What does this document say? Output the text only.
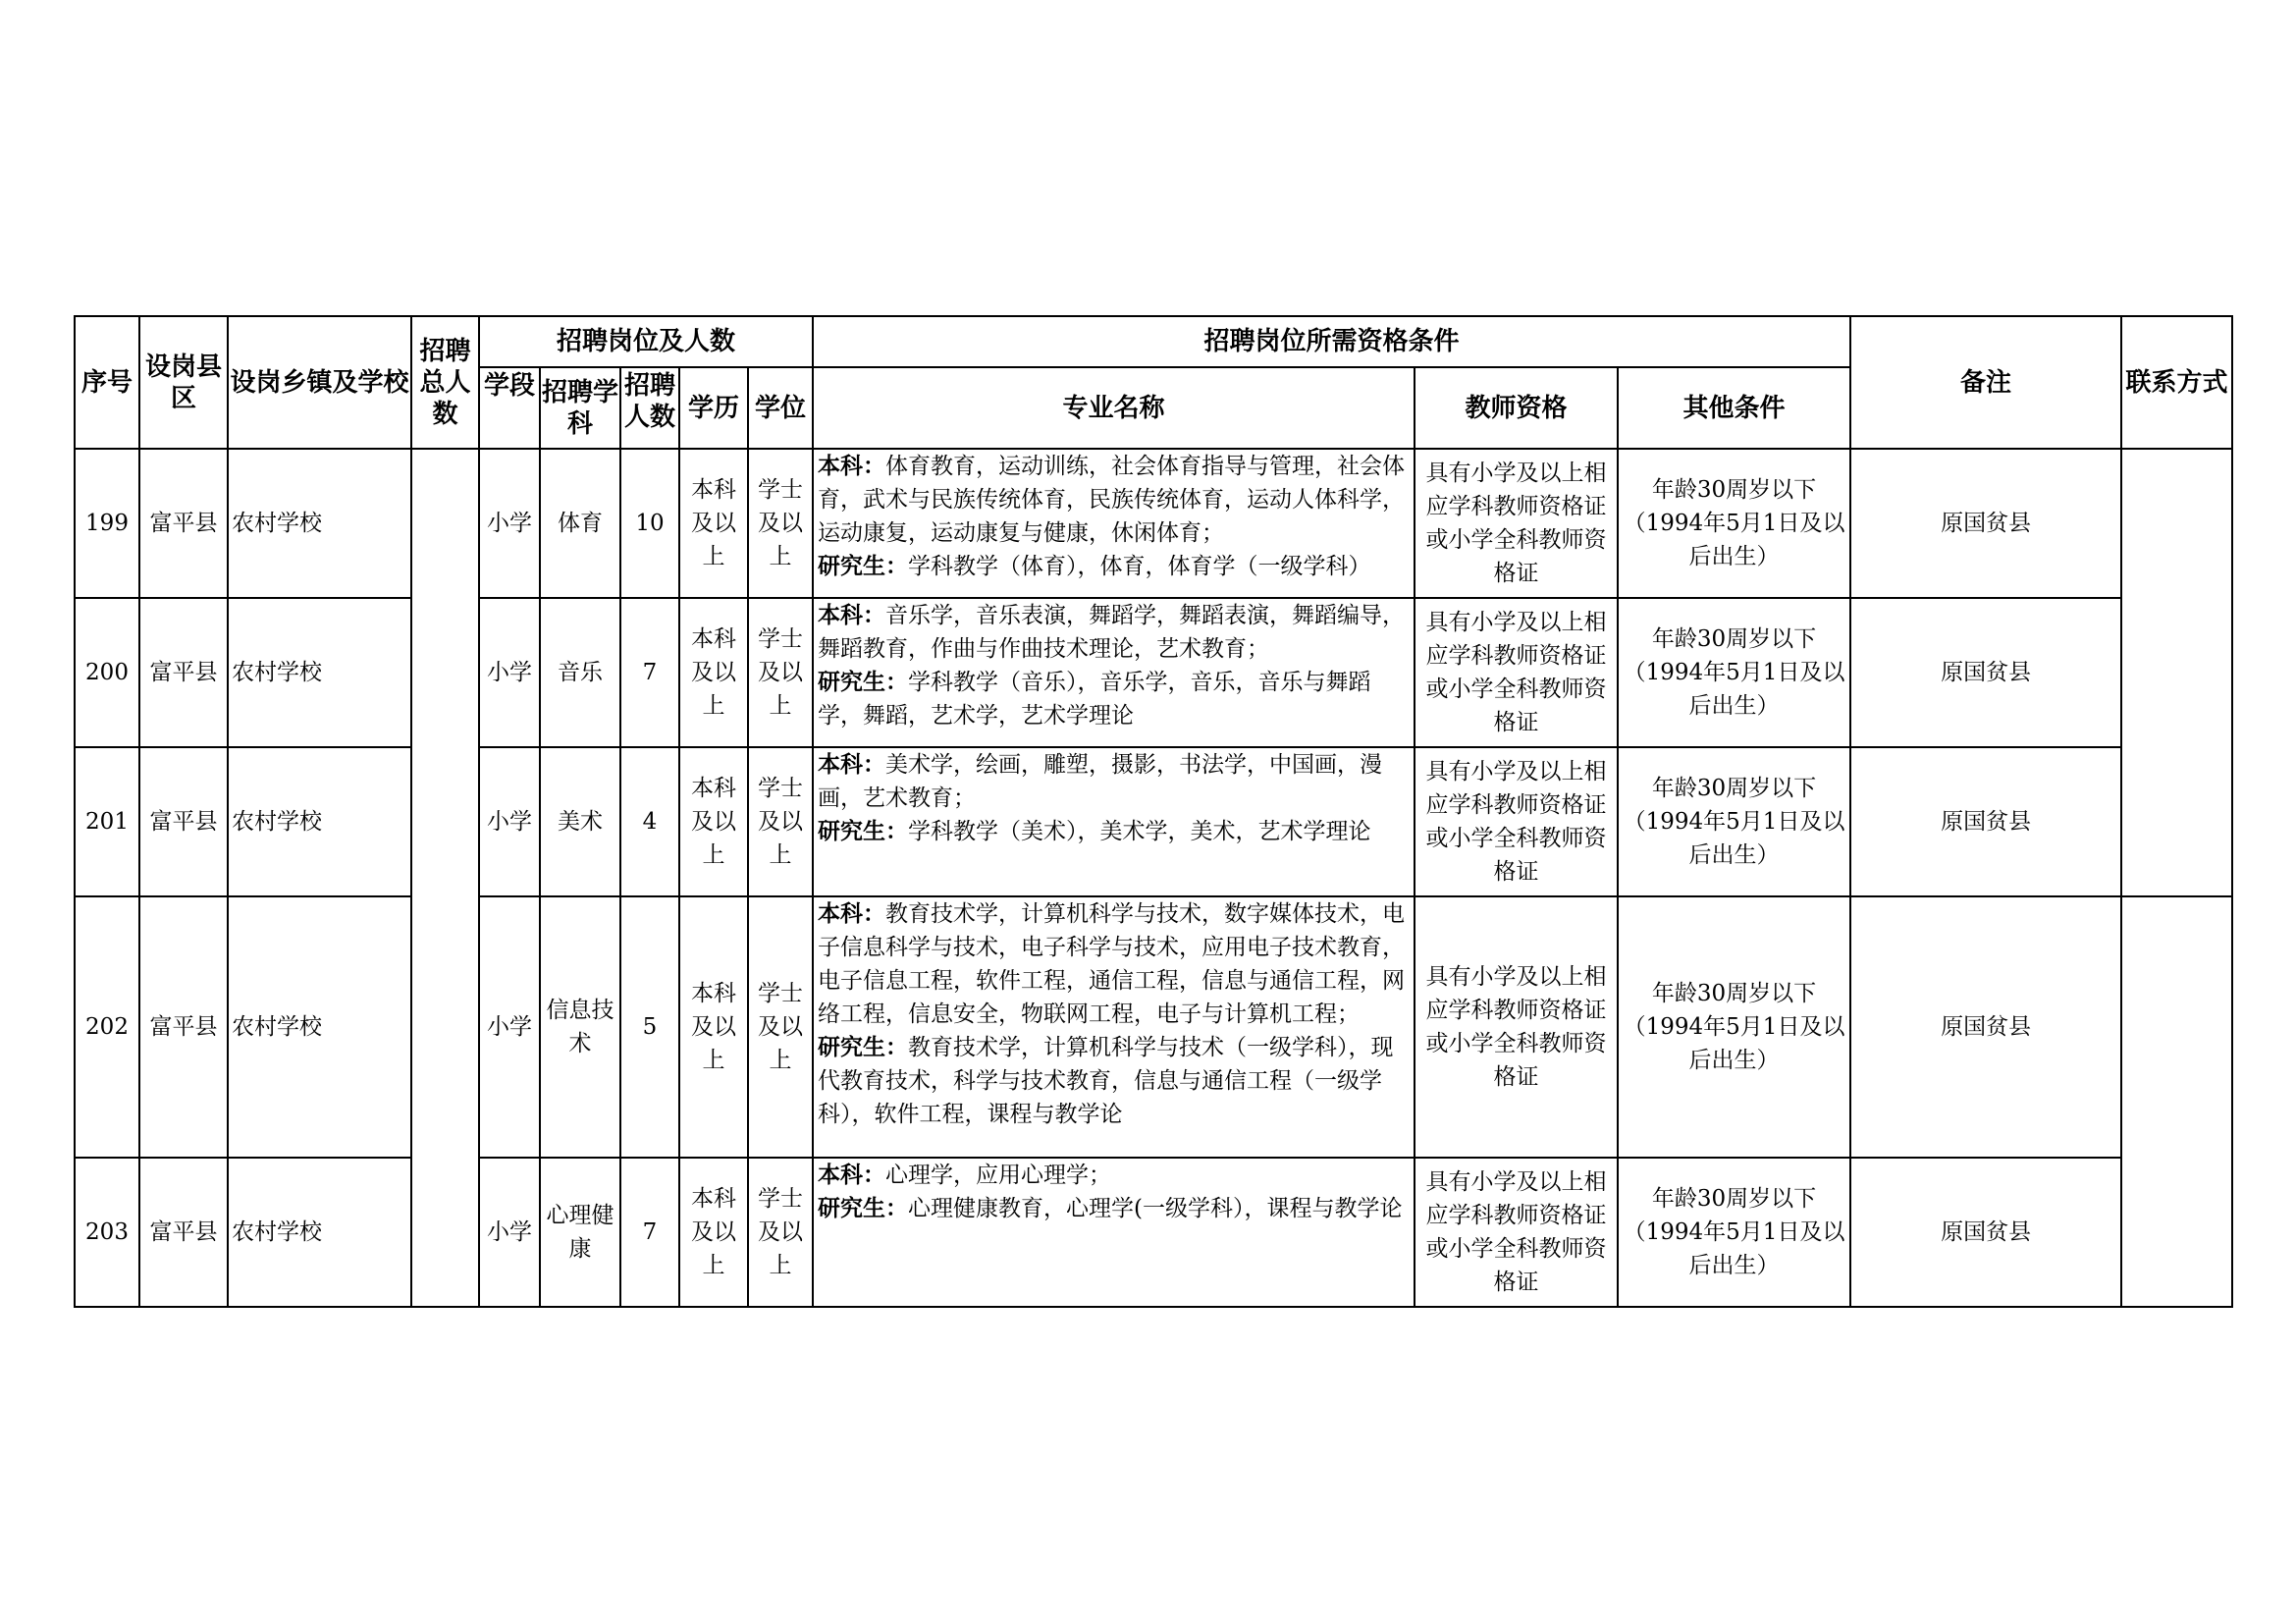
序号	设岗县区	设岗乡镇及学校	招聘总人数	招聘岗位及人数					招聘岗位所需资格条件			备注	联系方式

				学段	招聘学科	招聘人数	学历	学位	专业名称	教师资格	其他条件		
199	富平县	农村学校		小学	体育	10	本科及以上	学士及以上	本科：体育教育，运动训练，社会体育指导与管理，社会体育，武术与民族传统体育，民族传统体育，运动人体科学，运动康复，运动康复与健康，休闲体育；
研究生：学科教学（体育），体育，体育学（一级学科）	具有小学及以上相应学科教师资格证或小学全科教师资格证	年龄30周岁以下（1994年5月1日及以后出生）	原国贫县	
200	富平县	农村学校		小学	音乐	7	本科及以上	学士及以上	本科：音乐学，音乐表演，舞蹈学，舞蹈表演，舞蹈编导，舞蹈教育，作曲与作曲技术理论，艺术教育；
研究生：学科教学（音乐），音乐学，音乐，音乐与舞蹈学，舞蹈，艺术学，艺术学理论	具有小学及以上相应学科教师资格证或小学全科教师资格证	年龄30周岁以下（1994年5月1日及以后出生）	原国贫县	
201	富平县	农村学校		小学	美术	4	本科及以上	学士及以上	本科：美术学，绘画，雕塑，摄影，书法学，中国画，漫画，艺术教育；
研究生：学科教学（美术），美术学，美术，艺术学理论	具有小学及以上相应学科教师资格证或小学全科教师资格证	年龄30周岁以下（1994年5月1日及以后出生）	原国贫县	
202	富平县	农村学校		小学	信息技术	5	本科及以上	学士及以上	本科：教育技术学，计算机科学与技术，数字媒体技术，电子信息科学与技术，电子科学与技术，应用电子技术教育，电子信息工程，软件工程，通信工程，信息与通信工程，网络工程，信息安全，物联网工程，电子与计算机工程；
研究生：教育技术学，计算机科学与技术（一级学科），现代教育技术，科学与技术教育，信息与通信工程（一级学科），软件工程，课程与教学论	具有小学及以上相应学科教师资格证或小学全科教师资格证	年龄30周岁以下（1994年5月1日及以后出生）	原国贫县	
203	富平县	农村学校		小学	心理健康	7	本科及以上	学士及以上	本科：心理学，应用心理学；
研究生：心理健康教育，心理学(一级学科），课程与教学论	具有小学及以上相应学科教师资格证或小学全科教师资格证	年龄30周岁以下（1994年5月1日及以后出生）	原国贫县	
